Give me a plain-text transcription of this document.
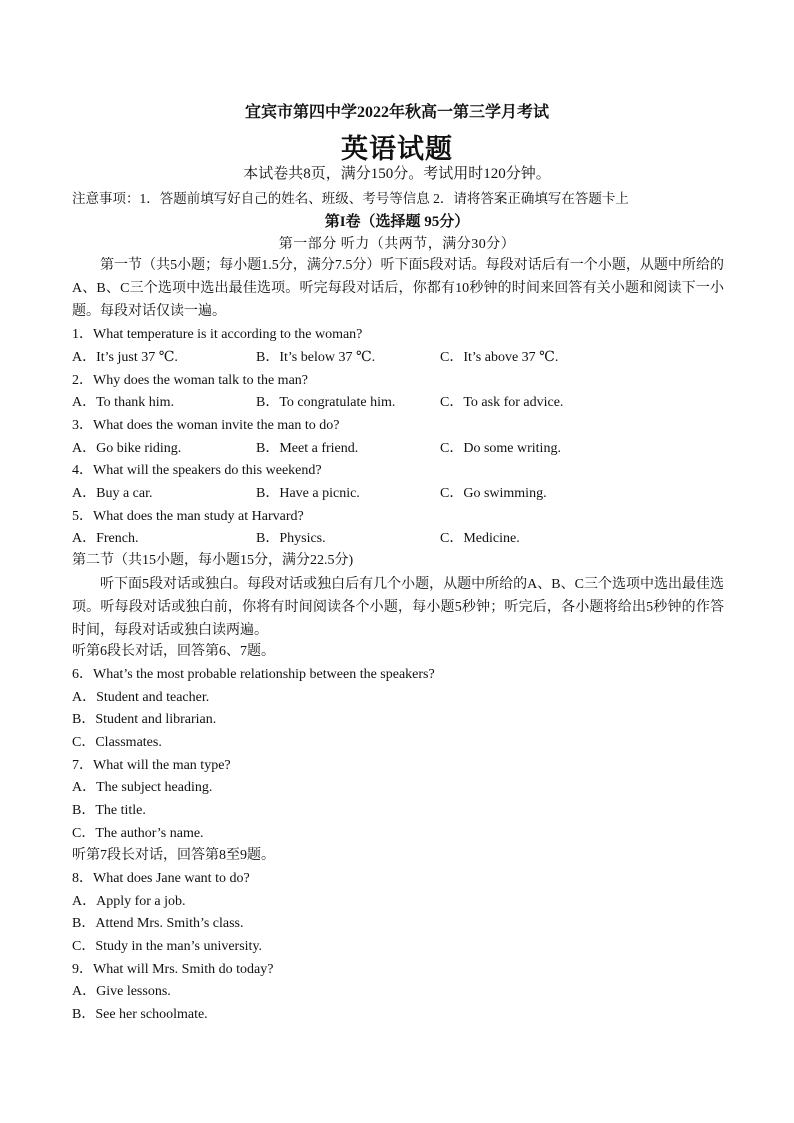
宜宾市第四中学2022年秋高一第三学月考试
英语试题
本试卷共8页，满分150分。考试用时120分钟。
注意事项：1．答题前填写好自己的姓名、班级、考号等信息 2．请将答案正确填写在答题卡上
第I卷（选择题 95分）
第一部分 听力（共两节，满分30分）
第一节（共5小题；每小题1.5分，满分7.5分）听下面5段对话。每段对话后有一个小题，从题中所给的A、B、C三个选项中选出最佳选项。听完每段对话后，你都有10秒钟的时间来回答有关小题和阅读下一小题。每段对话仅读一遍。
1．What temperature is it according to the woman?
A．It’s just 37 ℃.	B．It’s below 37 ℃.	C．It’s above 37 ℃.
2．Why does the woman talk to the man?
A．To thank him.	B．To congratulate him.	C．To ask for advice.
3．What does the woman invite the man to do?
A．Go bike riding.	B．Meet a friend.	C．Do some writing.
4．What will the speakers do this weekend?
A．Buy a car.	B．Have a picnic.	C．Go swimming.
5．What does the man study at Harvard?
A．French.	B．Physics.	C．Medicine.
第二节（共15小题，每小题15分，满分22.5分)
听下面5段对话或独白。每段对话或独白后有几个小题，从题中所给的A、B、C三个选项中选出最佳选项。听每段对话或独白前，你将有时间阅读各个小题，每小题5秒钟；听完后，各小题将给出5秒钟的作答时间，每段对话或独白读两遍。
听第6段长对话，回答第6、7题。
6．What’s the most probable relationship between the speakers?
A．Student and teacher.
B．Student and librarian.
C．Classmates.
7．What will the man type?
A．The subject heading.
B．The title.
C．The author’s name.
听第7段长对话，回答第8至9题。
8．What does Jane want to do?
A．Apply for a job.
B．Attend Mrs. Smith’s class.
C．Study in the man’s university.
9．What will Mrs. Smith do today?
A．Give lessons.
B．See her schoolmate.
